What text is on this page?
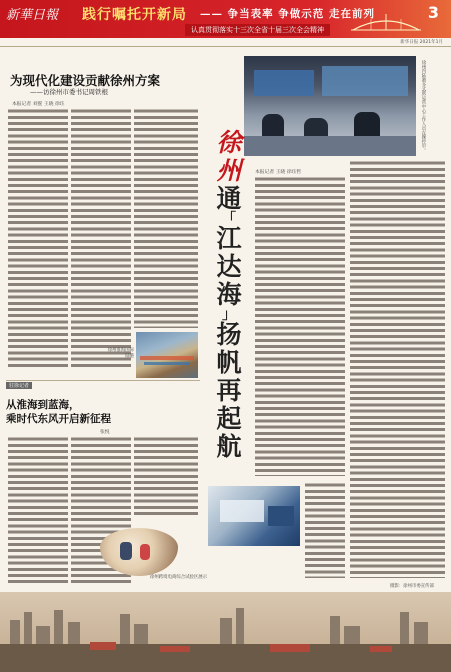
新華日報 践行嘱托开新局 —— 争当表率 争做示范 走在前列	3
认真贯彻落实十三次全省十届三次全会精神
新华日报 2021年1月
为现代化建设贡献徐州方案
——访徐州市委书记周铁根
本报记者 刘霆 王晓 徐珏
徐州淮海国际陆港
驻徐记者
从淮海到蓝海，
乘时代东风开启新征程
张悦
徐州跨境电商综合试验区展示
徐州内陆港多式联运营中心工作人员在操控中。
徐
州
通
「
江
达
海
」
扬
帆
再
起
航
本报记者 王晓 徐珏哲
摄影：徐州市委宣传部
